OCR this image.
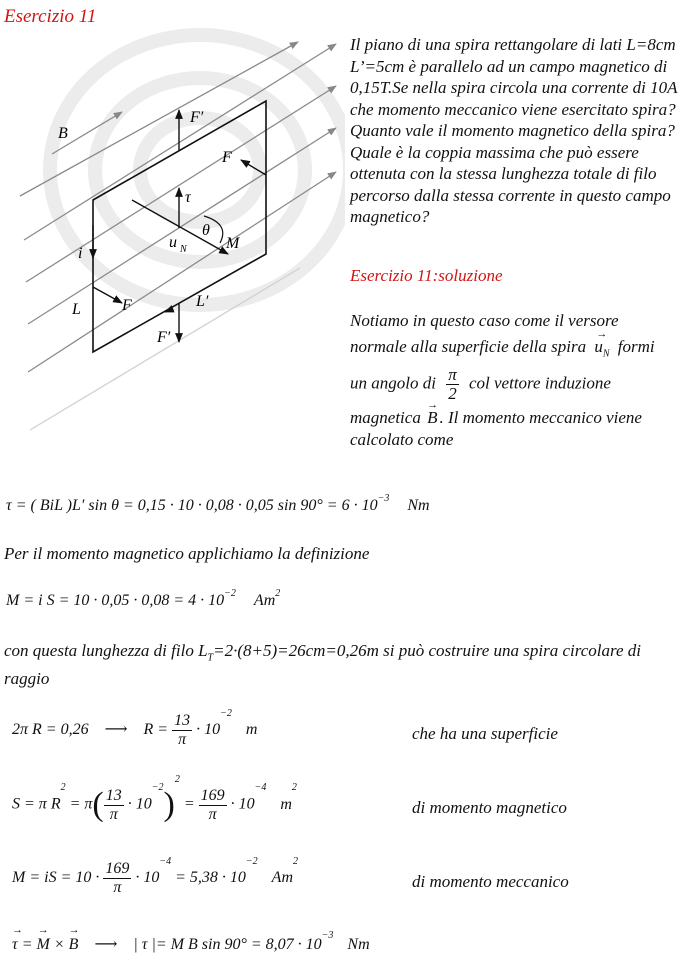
Esercizio 11
B
F′
F
τ
θ
u N M
i
L	F	L′
F′
Il piano di una spira rettangolare di lati L=8cm L’=5cm è parallelo ad un campo magnetico di 0,15T.Se nella spira circola una corrente di 10A che momento meccanico viene esercitato spira? Quanto vale il momento magnetico della spira? Quale è la coppia massima che può essere ottenuta con la stessa lunghezza totale di filo percorso dalla stessa corrente in questo campo magnetico?
Esercizio 11:soluzione
Notiamo in questo caso come il versore
normale alla superficie della spira → $u_N$ formi
un angolo di $\frac{\pi}{2}$ col vettore induzione
magnetica → B . Il momento meccanico viene
calcolato come
τ = ( BiL )L′ sin θ = 0,15 · 10 · 0,08 · 0,05 $\sin 90^\circ = 6 \cdot 10^{-3}$ Nm
Per il momento magnetico applichiamo la definizione
M = i $S = 10 \cdot 0,05 \cdot 0,08 = 4 \cdot 10^{-2}$ Am$^2$
con questa lunghezza di filo $L_T=2\cdot(8+5)=26cm=0,26m$ si può costruire una spira circolare di raggio
2π R = 0,26 ⟶ $R = \frac{13}{\pi} \cdot 10^{-2}$ m	che ha una superficie
S = π $R^2 = \pi( \frac{13}{\pi} \cdot 10^{-2})^2 = \frac{169}{\pi} \cdot 10^{-4}$ $m^2$
di momento magnetico
M = iS = $10 \cdot \frac{169}{\pi} \cdot 10^{-4} = 5,38 \cdot 10^{-2}$ Am$^2$
di momento meccanico
→ τ = → M × → B ⟶ | τ |= M B $\sin 90^\circ = 8,07 \cdot 10^{-3}$ Nm
